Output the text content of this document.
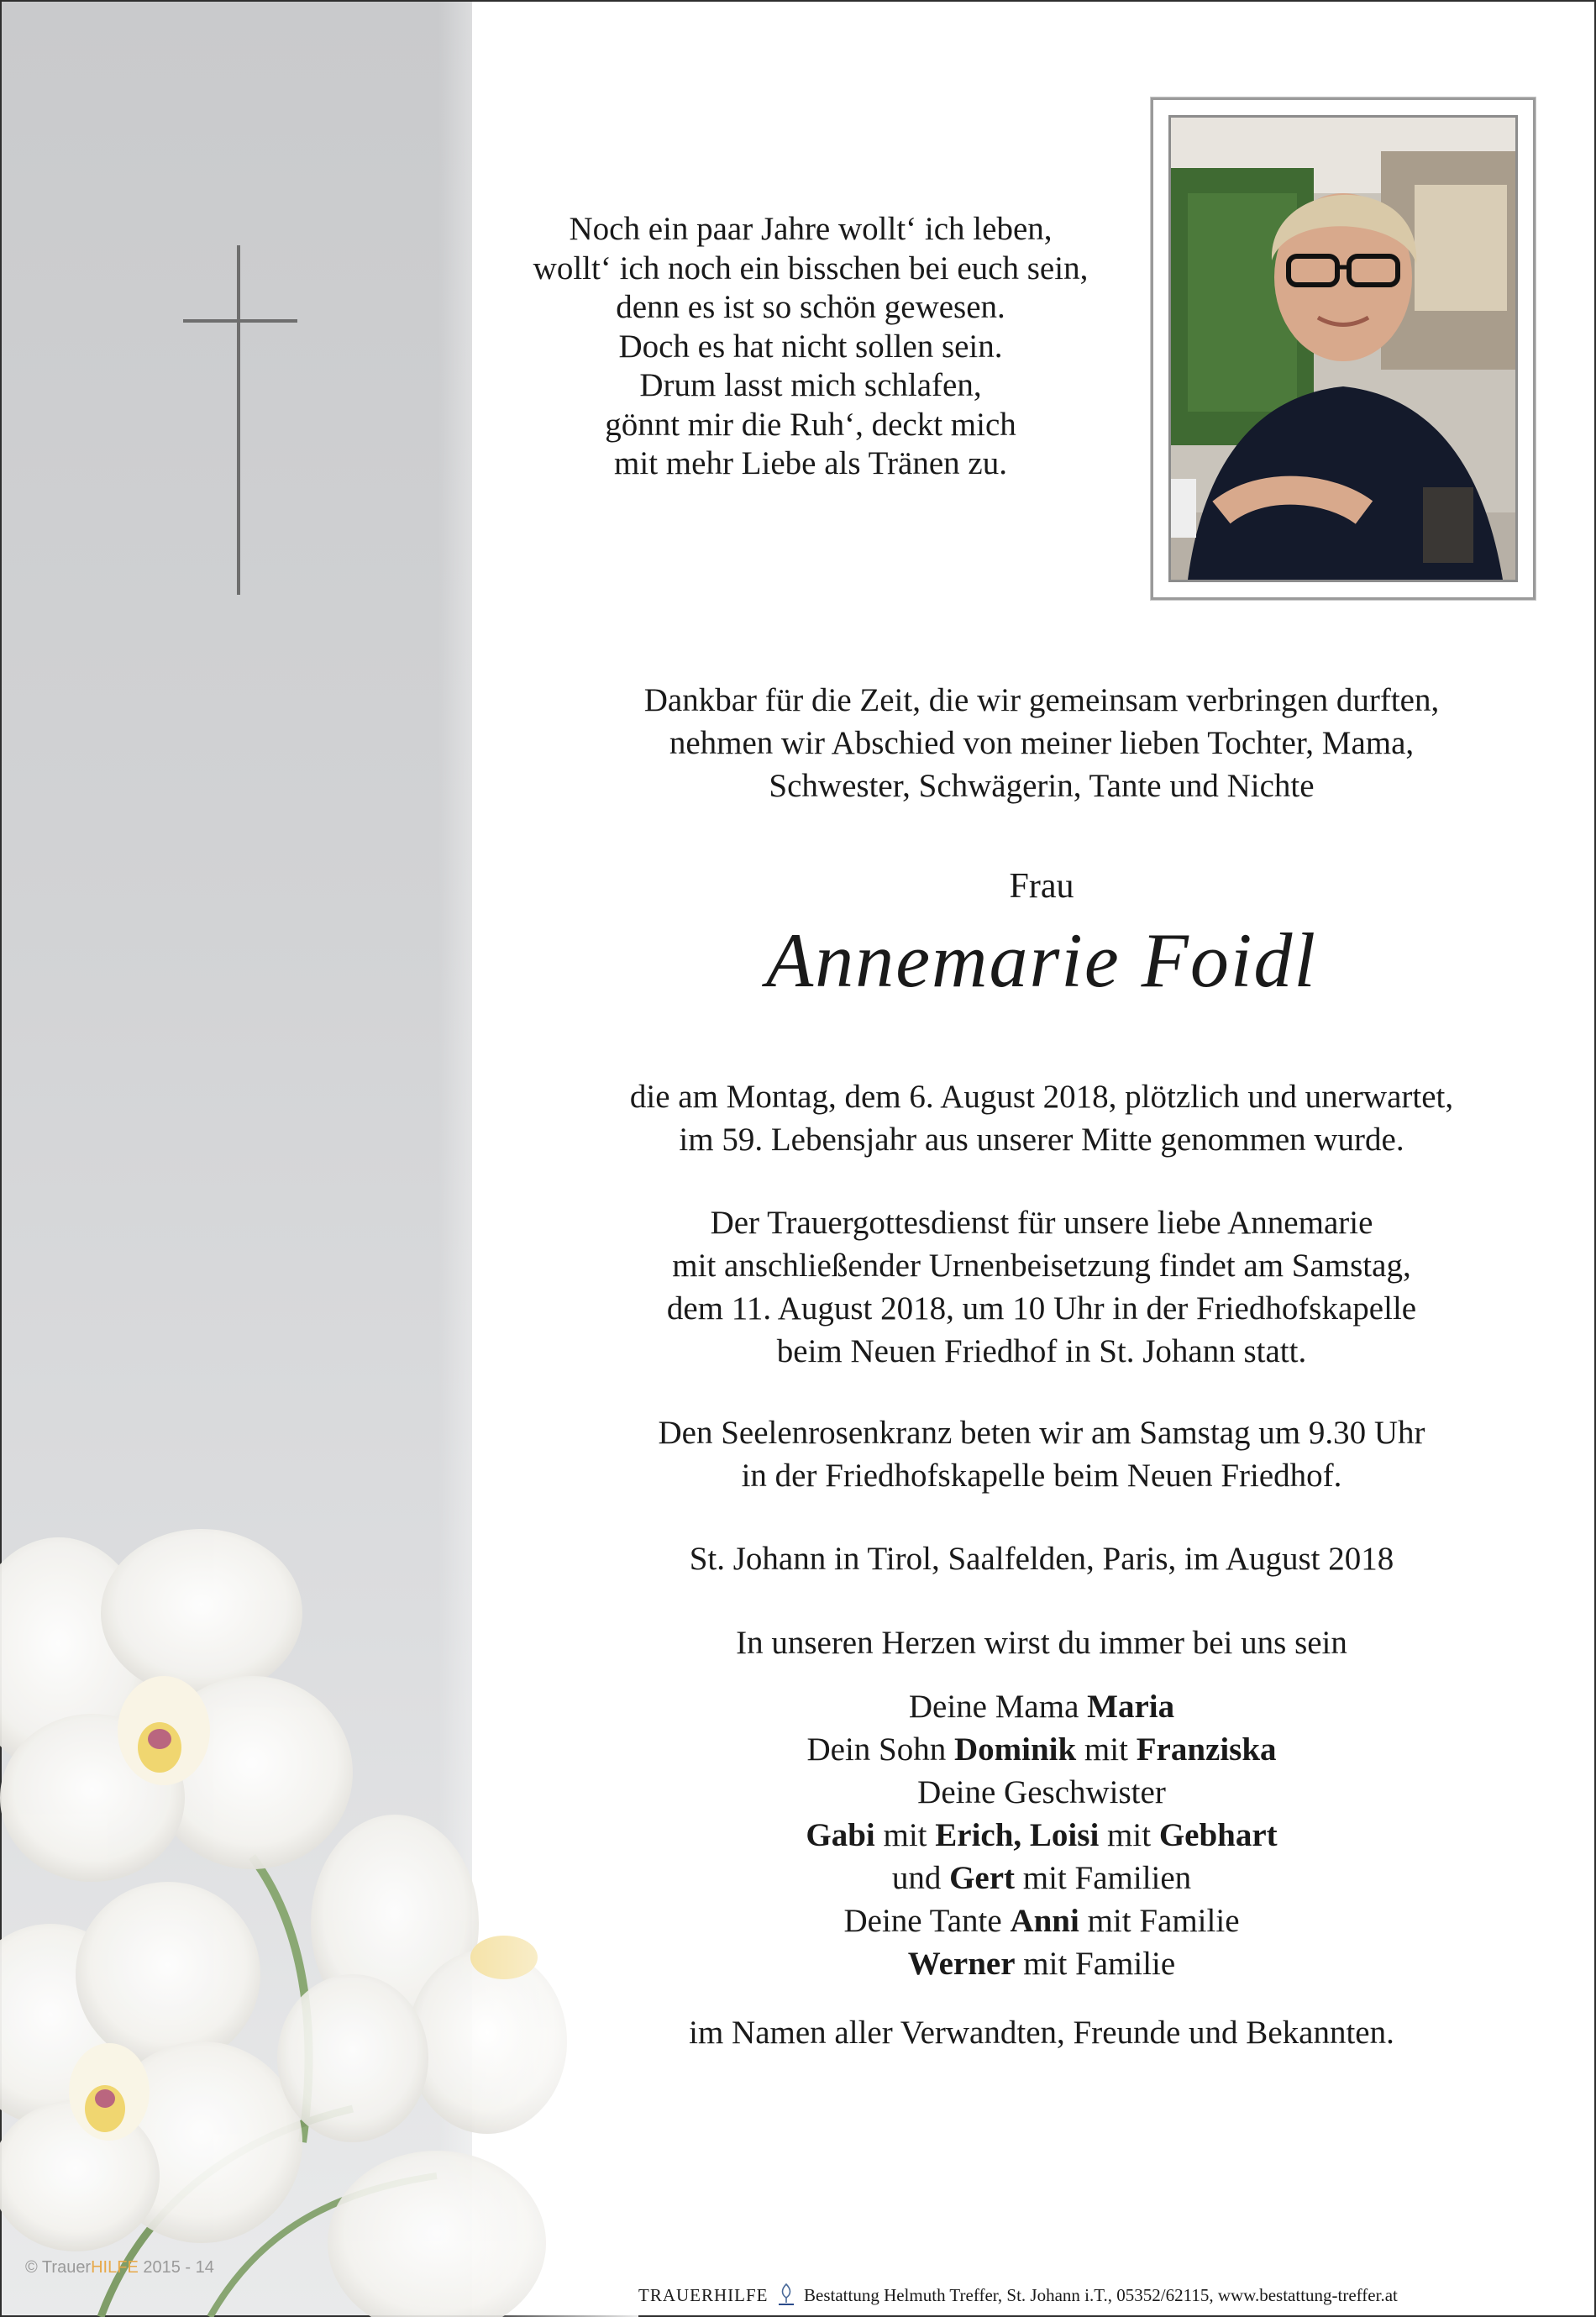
Noch ein paar Jahre wollt‘ ich leben,
wollt‘ ich noch ein bisschen bei euch sein,
denn es ist so schön gewesen.
Doch es hat nicht sollen sein.
Drum lasst mich schlafen,
gönnt mir die Ruh‘, deckt mich
mit mehr Liebe als Tränen zu.
Dankbar für die Zeit, die wir gemeinsam verbringen durften,
nehmen wir Abschied von meiner lieben Tochter, Mama,
Schwester, Schwägerin, Tante und Nichte
Frau
Annemarie Foidl
die am Montag, dem 6. August 2018, plötzlich und unerwartet,
im 59. Lebensjahr aus unserer Mitte genommen wurde.
Der Trauergottesdienst für unsere liebe Annemarie
mit anschließender Urnenbeisetzung findet am Samstag,
dem 11. August 2018, um 10 Uhr in der Friedhofskapelle
beim Neuen Friedhof in St. Johann statt.
Den Seelenrosenkranz beten wir am Samstag um 9.30 Uhr
in der Friedhofskapelle beim Neuen Friedhof.
St. Johann in Tirol, Saalfelden, Paris, im August 2018
In unseren Herzen wirst du immer bei uns sein
Deine Mama Maria
Dein Sohn Dominik mit Franziska
Deine Geschwister
Gabi mit Erich, Loisi mit Gebhart
und Gert mit Familien
Deine Tante Anni mit Familie
Werner mit Familie
im Namen aller Verwandten, Freunde und Bekannten.
© TrauerHILFE 2015 - 14
TRAUERHILFE Bestattung Helmuth Treffer, St. Johann i.T., 05352/62115, www.bestattung-treffer.at
